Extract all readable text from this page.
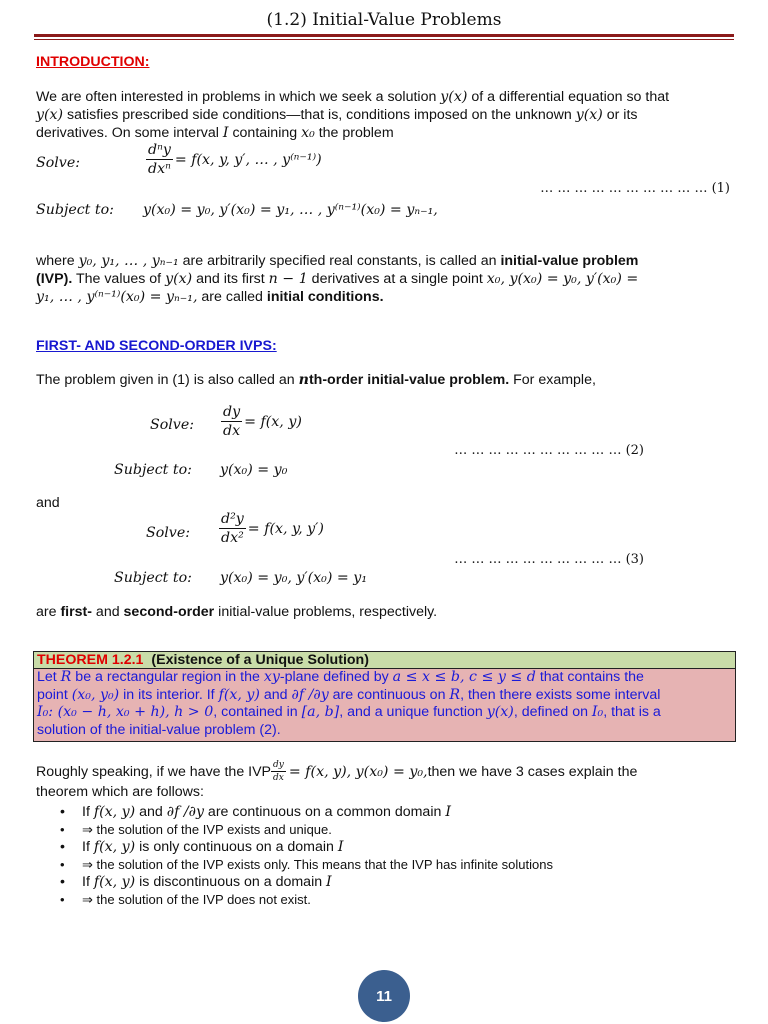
(1.2) Initial-Value Problems
INTRODUCTION:
We are often interested in problems in which we seek a solution y(x) of a differential equation so that
y(x) satisfies prescribed side conditions—that is, conditions imposed on the unknown y(x) or its
derivatives. On some interval I containing x₀ the problem
Solve:	$\frac{\text{dⁿy}}{\text{dxⁿ}} = f(x$, y, y′, … , y⁽ⁿ⁻¹⁾)
… … … … … … … … … … (1)
Subject to: y(x₀) = y₀, y′(x₀) = y₁, … , y⁽ⁿ⁻¹⁾(x₀) = yₙ₋₁,
where y₀, y₁, … , yₙ₋₁ are arbitrarily specified real constants, is called an initial-value problem
(IVP). The values of y(x) and its first n − 1 derivatives at a single point x₀, y(x₀) = y₀, y′(x₀) =
y₁, … , y⁽ⁿ⁻¹⁾(x₀) = yₙ₋₁, are called initial conditions.
FIRST- AND SECOND-ORDER IVPS:
The problem given in (1) is also called an nth-order initial-value problem. For example,
Solve: $\frac{dy}{dx} = f(x$, y)
… … … … … … … … … … (2)
Subject to: y(x₀) = y₀
and
Solve: $\frac{\text{d²y}}{\text{dx²}} = f(x$, y, y′)
… … … … … … … … … … (3)
Subject to: y(x₀) = y₀, y′(x₀) = y₁
are first- and second-order initial-value problems, respectively.
THEOREM 1.2.1 (Existence of a Unique Solution)
Let R be a rectangular region in the xy-plane defined by a ≤ x ≤ b, c ≤ y ≤ d that contains the
point (x₀, y₀) in its interior. If f(x, y) and ∂f /∂y are continuous on R, then there exists some interval
I₀: (x₀ − h, x₀ + h), h > 0, contained in [a, b], and a unique function y(x), defined on I₀, that is a
solution of the initial-value problem (2).
Roughly speaking, if we have the IVP $\frac{dy}{dx} = f(x$, y), y(x₀) = y₀, then we have 3 cases explain the
theorem which are follows:
• If f(x, y) and ∂f /∂y are continuous on a common domain I
• ⇒ the solution of the IVP exists and unique.
• If f(x, y) is only continuous on a domain I
• ⇒ the solution of the IVP exists only. This means that the IVP has infinite solutions
• If f(x, y) is discontinuous on a domain I
• ⇒ the solution of the IVP does not exist.
11
